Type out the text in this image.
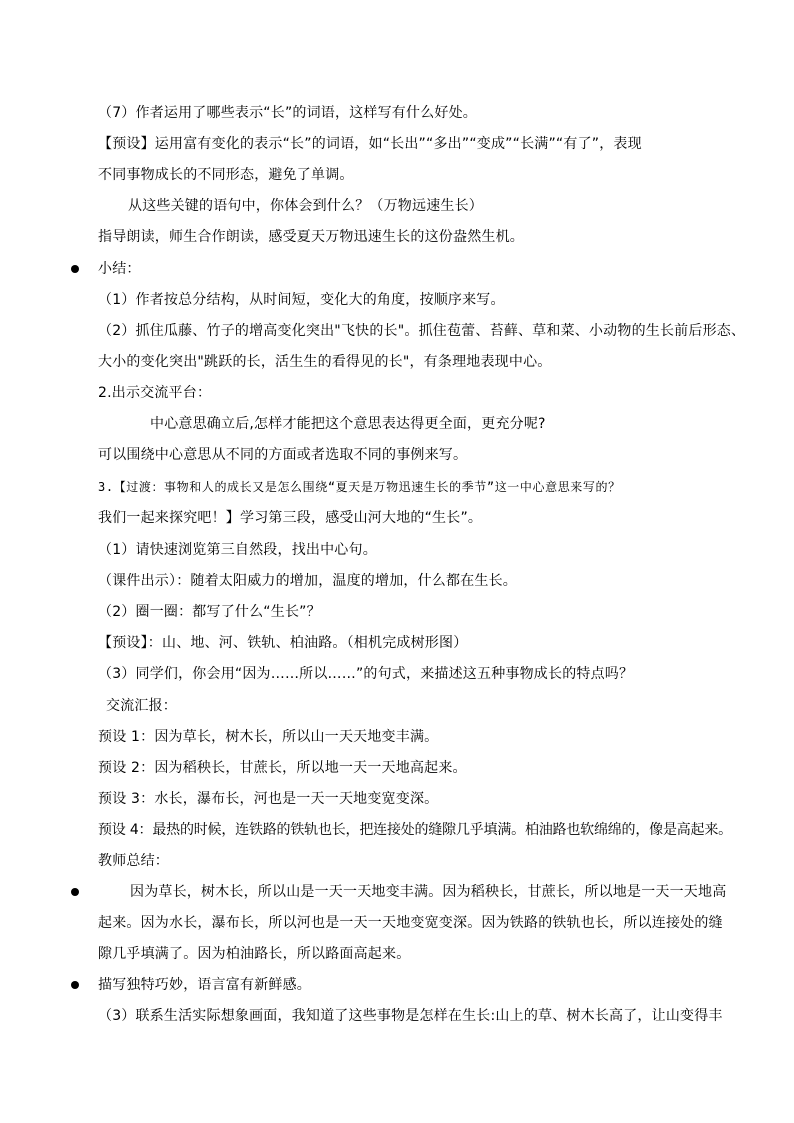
（7）作者运用了哪些表示“长”的词语，这样写有什么好处。
【预设】运用富有变化的表示“长”的词语，如“长出”“多出”“变成”“长满”“有了”，表现
不同事物成长的不同形态，避免了单调。
从这些关键的语句中，你体会到什么？（万物远速生长）
指导朗读，师生合作朗读，感受夏天万物迅速生长的这份盎然生机。
小结：
（1）作者按总分结构，从时间短，变化大的角度，按顺序来写。
（2）抓住瓜藤、竹子的增高变化突出"飞快的长"。抓住苞蕾、苔藓、草和菜、小动物的生长前后形态、
大小的变化突出"跳跃的长，活生生的看得见的长"，有条理地表现中心。
2.出示交流平台：
中心意思确立后,怎样才能把这个意思表达得更全面，更充分呢?
可以围绕中心意思从不同的方面或者选取不同的事例来写。
3.【过渡：事物和人的成长又是怎么围绕“夏天是万物迅速生长的季节”这一中心意思来写的？
我们一起来探究吧！】学习第三段，感受山河大地的“生长”。
（1）请快速浏览第三自然段，找出中心句。
（课件出示）：随着太阳威力的增加，温度的增加，什么都在生长。
（2）圈一圈：都写了什么“生长”？
【预设】：山、地、河、铁轨、柏油路。（相机完成树形图）
（3）同学们，你会用“因为……所以……”的句式，来描述这五种事物成长的特点吗？
交流汇报：
预设 1：因为草长，树木长，所以山一天天地变丰满。
预设 2：因为稻秧长，甘蔗长，所以地一天一天地高起来。
预设 3：水长，瀑布长，河也是一天一天地变宽变深。
预设 4：最热的时候，连铁路的铁轨也长，把连接处的缝隙几乎填满。柏油路也软绵绵的，像是高起来。
教师总结：
因为草长，树木长，所以山是一天一天地变丰满。因为稻秧长，甘蔗长，所以地是一天一天地高
起来。因为水长，瀑布长，所以河也是一天一天地变宽变深。因为铁路的铁轨也长，所以连接处的缝
隙几乎填满了。因为柏油路长，所以路面高起来。
描写独特巧妙，语言富有新鲜感。
（3）联系生活实际想象画面，我知道了这些事物是怎样在生长:山上的草、树木长高了，让山变得丰
